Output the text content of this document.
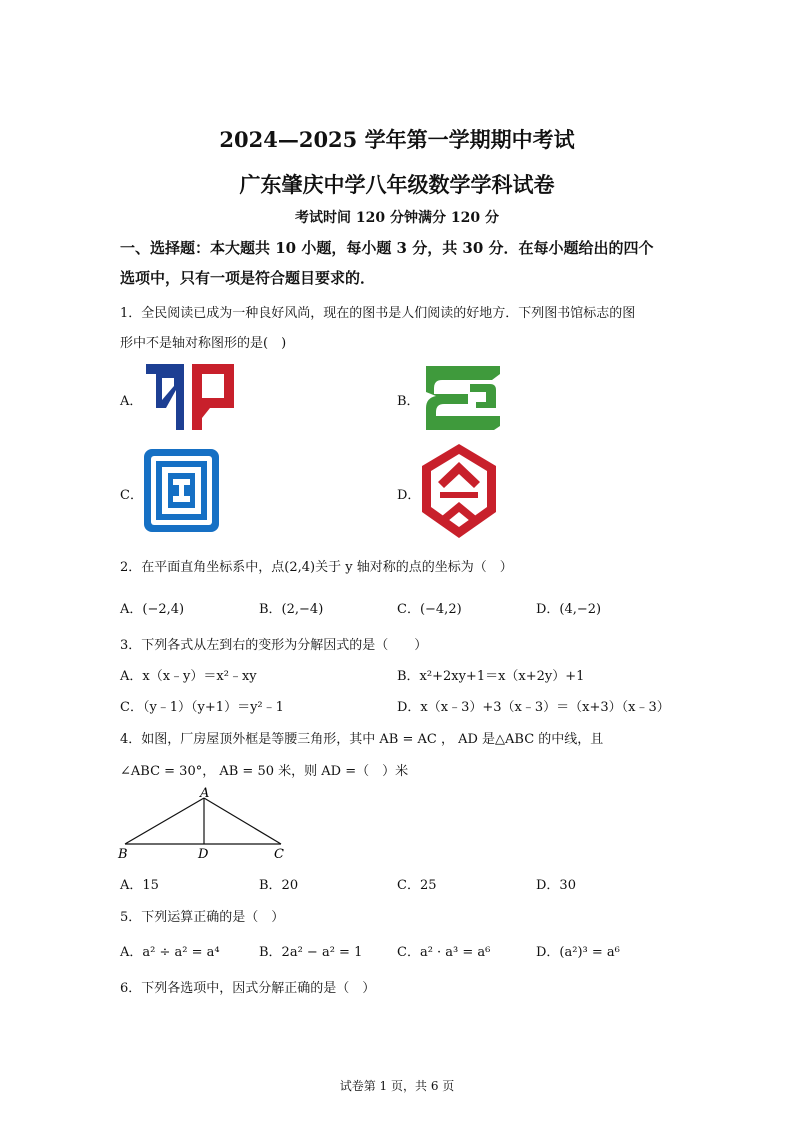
2024—2025 学年第一学期期中考试
广东肇庆中学八年级数学学科试卷
考试时间 120 分钟满分 120 分
一、选择题：本大题共 10 小题，每小题 3 分，共 30 分．在每小题给出的四个
选项中，只有一项是符合题目要求的．
1．全民阅读已成为一种良好风尚，现在的图书是人们阅读的好地方．下列图书馆标志的图
形中不是轴对称图形的是(　)
A．	B．
C．	D．
2．在平面直角坐标系中，点(2,4)关于 y 轴对称的点的坐标为（　）
A．(−2,4)	B．(2,−4)	C．(−4,2)	D．(4,−2)
3．下列各式从左到右的变形为分解因式的是（　　）
A．x（x﹣y）＝x²﹣xy	B．x²+2xy+1＝x（x+2y）+1
C．（y﹣1）（y+1）＝y²﹣1	D．x（x﹣3）+3（x﹣3）＝（x+3）（x﹣3）
4．如图，厂房屋顶外框是等腰三角形，其中 AB = AC ， AD 是△ABC 的中线，且
∠ABC = 30°， AB = 50 米，则 AD =（　）米
A
B	D	C
A．15	B．20	C．25	D．30
5．下列运算正确的是（　）
A．a² ÷ a² = a⁴	B．2a² − a² = 1	C．a² · a³ = a⁶	D．(a²)³ = a⁶
6．下列各选项中，因式分解正确的是（　）
试卷第 1 页，共 6 页
